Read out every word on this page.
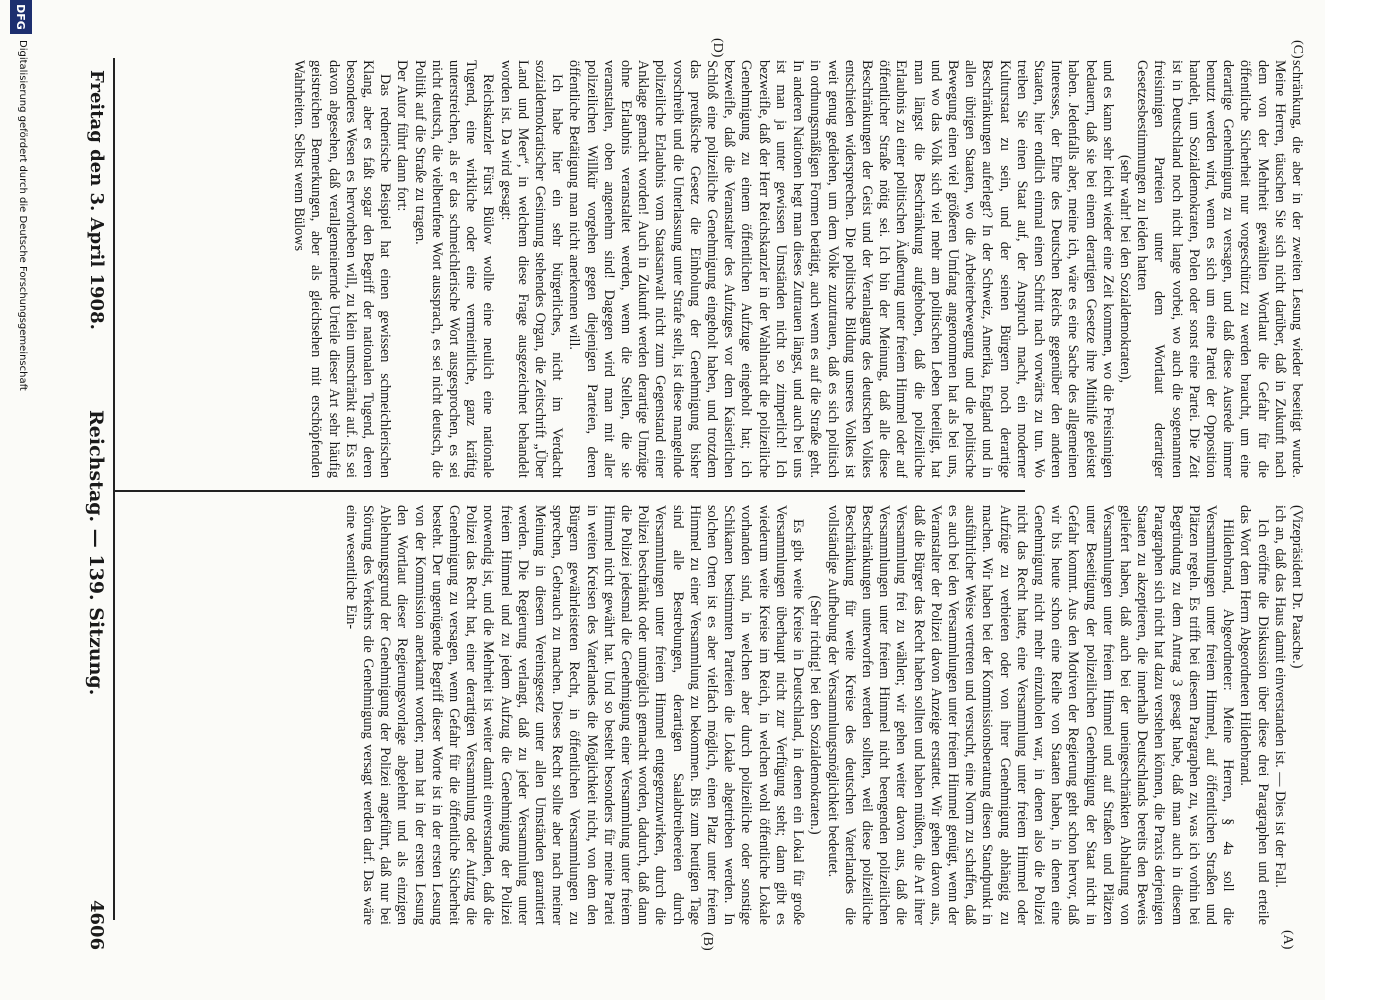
4606
Reichstag. — 139. Sitzung.
Freitag den 3. April 1908.
(A)
(B)
(C)
(D)

(Vizepräsident Dr. Paasche.)

ich an, daß das Haus damit einverstanden ist. — Dies ist der Fall.

Ich eröffne die Diskussion über diese drei Paragraphen und erteile das Wort dem Herrn Abgeordneten Hildenbrand.

Hildenbrand, Abgeordneter: Meine Herren, § 4a soll die Versammlungen unter freiem Himmel, auf öffentlichen Straßen und Plätzen regeln. Es trifft bei diesem Paragraphen zu, was ich vorhin bei Begründung zu dem Antrag 3 gesagt habe, daß man auch in diesem Paragraphen sich nicht hat dazu verstehen können, die Praxis derjenigen Staaten zu akzeptieren, die innerhalb Deutschlands bereits den Beweis geliefert haben, daß auch bei der uneingeschränkten Abhaltung von Versammlungen unter freiem Himmel und auf Straßen und Plätzen unter Beseitigung der polizeilichen Genehmigung der Staat nicht in Gefahr kommt. Aus den Motiven der Regierung geht schon hervor, daß wir bis heute schon eine Reihe von Staaten haben, in denen eine Genehmigung nicht mehr einzuholen war, in denen also die Polizei nicht das Recht hatte, eine Versammlung unter freiem Himmel oder Aufzüge zu verbieten oder von ihrer Genehmigung abhängig zu machen. Wir haben bei der Kommissionsberatung diesen Standpunkt in ausführlicher Weise vertreten und versucht, eine Norm zu schaffen, daß es auch bei den Versammlungen unter freiem Himmel genügt, wenn der Veranstalter der Polizei davon Anzeige erstattet. Wir gehen davon aus, daß die Bürger das Recht haben sollten und haben müßten, die Art ihrer Versammlung frei zu wählen; wir gehen weiter davon aus, daß die Versammlungen unter freiem Himmel nicht beengenden polizeilichen Beschränkungen unterworfen werden sollten, weil diese polizeiliche Beschränkung für weite Kreise des deutschen Vaterlandes die vollständige Aufhebung der Versammlungsmöglichkeit bedeutet.

(Sehr richtig! bei den Sozialdemokraten.)

Es gibt weite Kreise in Deutschland, in denen ein Lokal für große Versammlungen überhaupt nicht zur Verfügung steht; dann gibt es wiederum weite Kreise im Reich, in welchen wohl öffentliche Lokale vorhanden sind, in welchen aber durch polizeiliche oder sonstige Schikanen bestimmten Parteien die Lokale abgetrieben werden. In solchen Orten ist es aber vielfach möglich, einen Platz unter freiem Himmel zu einer Versammlung zu bekommen. Bis zum heutigen Tage sind alle Bestrebungen, derartigen Saalabtreibereien durch Versammlungen unter freiem Himmel entgegenzuwirken, durch die Polizei beschränkt oder unmöglich gemacht worden, dadurch, daß dann die Polizei jedesmal die Genehmigung einer Versammlung unter freiem Himmel nicht gewährt hat. Und so besteht besonders für meine Partei in weiten Kreisen des Vaterlandes die Möglichkeit nicht, von dem den Bürgern gewährleisteten Recht, in öffentlichen Versammlungen zu sprechen, Gebrauch zu machen. Dieses Recht sollte aber nach meiner Meinung in diesem Vereinsgesetz unter allen Umständen garantiert werden. Die Regierung verlangt, daß zu jeder Versammlung unter freiem Himmel und zu jedem Aufzug die Genehmigung der Polizei notwendig ist, und die Mehrheit ist weiter damit einverstanden, daß die Polizei das Recht hat, einer derartigen Versammlung oder Aufzug die Genehmigung zu versagen, wenn Gefahr für die öffentliche Sicherheit besteht. Der ungenügende Begriff dieser Worte ist in der ersten Lesung von der Kommission anerkannt worden; man hat in der ersten Lesung den Wortlaut dieser Regierungsvorlage abgelehnt und als einzigen Ablehnungsgrund der Genehmigung der Polizei angeführt, daß nur bei Störung des Verkehrs die Genehmigung versagt werden darf. Das wäre eine wesentliche Ein-

schränkung, die aber in der zweiten Lesung wieder beseitigt wurde. Meine Herren, täuschen Sie sich nicht darüber, daß in Zukunft nach dem von der Mehrheit gewählten Wortlaut die Gefahr für die öffentliche Sicherheit nur vorgeschützt zu werden braucht, um eine derartige Genehmigung zu versagen, und daß diese Ausrede immer benutzt werden wird, wenn es sich um eine Partei der Opposition handelt, um Sozialdemokraten, Polen oder sonst eine Partei. Die Zeit ist in Deutschland noch nicht lange vorbei, wo auch die sogenannten freisinnigen Parteien unter dem Wortlaut derartiger Gesetzesbestimmungen zu leiden hatten

(sehr wahr! bei den Sozialdemokraten),

und es kann sehr leicht wieder eine Zeit kommen, wo die Freisinnigen bedauern, daß sie bei einem derartigen Gesetze ihre Mithilfe geleistet haben. Jedenfalls aber, meine ich, wäre es eine Sache des allgemeinen Interesses, der Ehre des Deutschen Reichs gegenüber den anderen Staaten, hier endlich einmal einen Schritt nach vorwärts zu tun. Wo treiben Sie einen Staat auf, der Anspruch macht, ein moderner Kulturstaat zu sein, und der seinen Bürgern noch derartige Beschränkungen auferlegt? In der Schweiz, Amerika, England und in allen übrigen Staaten, wo die Arbeiterbewegung und die politische Bewegung einen viel größeren Umfang angenommen hat als bei uns, und wo das Volk sich viel mehr am politischen Leben beteiligt, hat man längst die Beschränkung aufgehoben, daß die polizeiliche Erlaubnis zu einer politischen Äußerung unter freiem Himmel oder auf öffentlicher Straße nötig sei. Ich bin der Meinung, daß alle diese Beschränkungen der Geist und der Veranlagung des deutschen Volkes entschieden widersprechen. Die politische Bildung unseres Volkes ist weit genug gediehen, um dem Volke zuzutrauen, daß es sich politisch in ordnungsmäßigen Formen betätigt, auch wenn es auf die Straße geht. In anderen Nationen hegt man dieses Zutrauen längst, und auch bei uns ist man ja unter gewissen Umständen nicht so zimperlich! Ich bezweifle, daß der Herr Reichskanzler in der Wahlnacht die polizeiliche Genehmigung zu einem öffentlichen Aufzuge eingeholt hat; ich bezweifle, daß die Veranstalter des Aufzuges vor dem Kaiserlichen Schloß eine polizeiliche Genehmigung eingeholt haben, und trotzdem das preußische Gesetz die Einholung der Genehmigung bisher vorschreibt und die Unterlassung unter Strafe stellt, ist diese mangelnde polizeiliche Erlaubnis vom Staatsanwalt nicht zum Gegenstand einer Anklage gemacht worden! Auch in Zukunft werden derartige Umzüge ohne Erlaubnis veranstaltet werden, wenn die Stellen, die sie veranstalten, oben angenehm sind! Dagegen wird man mit aller polizeilichen Willkür vorgehen gegen diejenigen Parteien, deren öffentliche Betätigung man nicht anerkennen will.

Ich habe hier ein sehr bürgerliches, nicht im Verdacht sozialdemokratischer Gesinnung stehendes Organ, die Zeitschrift „Über Land und Meer“, in welchem diese Frage ausgezeichnet behandelt worden ist. Da wird gesagt:

Reichskanzler Fürst Bülow wollte eine neulich eine nationale Tugend, eine wirkliche oder eine vermeintliche, ganz kräftig unterstreichen, als er das schmeichlerische Wort ausgesprochen, es sei nicht deutsch, die vielberufene Wort aussprach, es sei nicht deutsch, die Politik auf die Straße zu tragen.

Der Autor führt dann fort:

Das rednerische Beispiel hat einen gewissen schmeichlerischen Klang, aber es faßt sogar den Begriff der nationalen Tugend, deren besonderes Wesen es hervorheben will, zu klein umschränkt auf. Es sei davon abgesehen, daß verallgemeinernde Urteile dieser Art sehr häufig geistreichen Bemerkungen, aber als gleichsehen mit erschöpfenden Wahrheiten. Selbst wenn Bülows

DFG
Digitalisierung gefördert durch die Deutsche Forschungsgemeinschaft
